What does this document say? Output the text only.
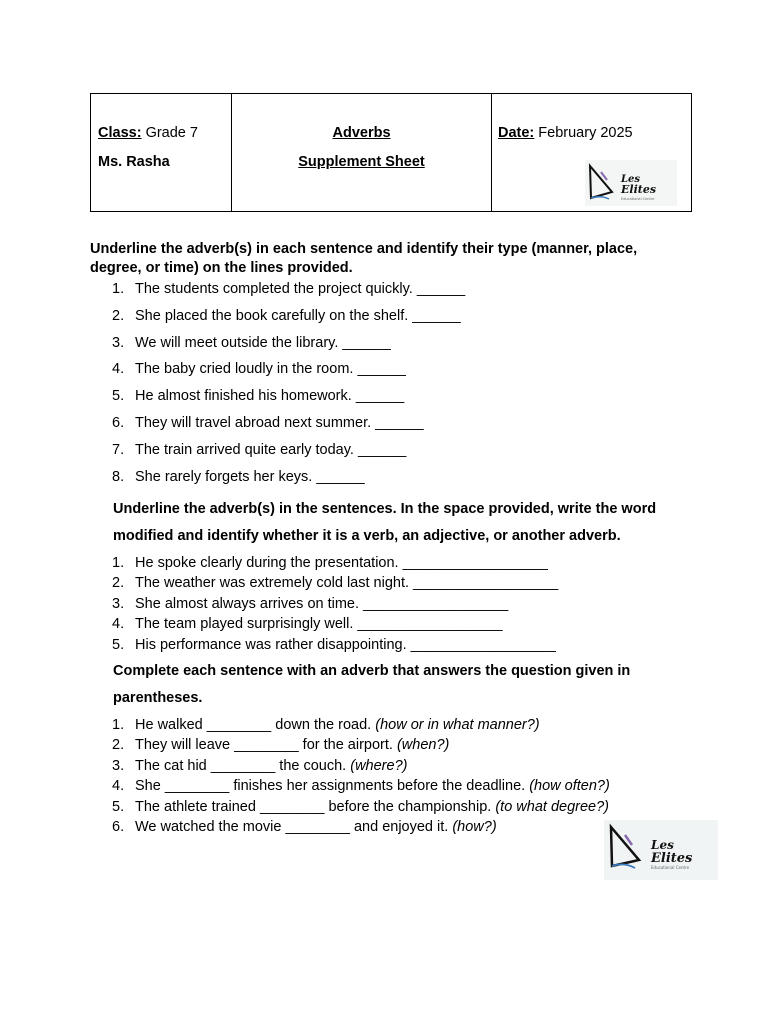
Class: Grade 7
Ms. Rasha

Adverbs
Supplement Sheet

Date: February 2025
Les
Elites
Educational Centre
Underline the adverb(s) in each sentence and identify their type (manner, place, degree, or time) on the lines provided.
1. The students completed the project quickly. ______
2. She placed the book carefully on the shelf. ______
3. We will meet outside the library. ______
4. The baby cried loudly in the room. ______
5. He almost finished his homework. ______
6. They will travel abroad next summer. ______
7. The train arrived quite early today. ______
8. She rarely forgets her keys. ______
Underline the adverb(s) in the sentences. In the space provided, write the word modified and identify whether it is a verb, an adjective, or another adverb.
1. He spoke clearly during the presentation. __________________
2. The weather was extremely cold last night. __________________
3. She almost always arrives on time. __________________
4. The team played surprisingly well. __________________
5. His performance was rather disappointing. __________________
Complete each sentence with an adverb that answers the question given in parentheses.
1. He walked ________ down the road. (how or in what manner?)
2. They will leave ________ for the airport. (when?)
3. The cat hid ________ the couch. (where?)
4. She ________ finishes her assignments before the deadline. (how often?)
5. The athlete trained ________ before the championship. (to what degree?)
6. We watched the movie ________ and enjoyed it. (how?)
Les
Elites
Educational Centre
